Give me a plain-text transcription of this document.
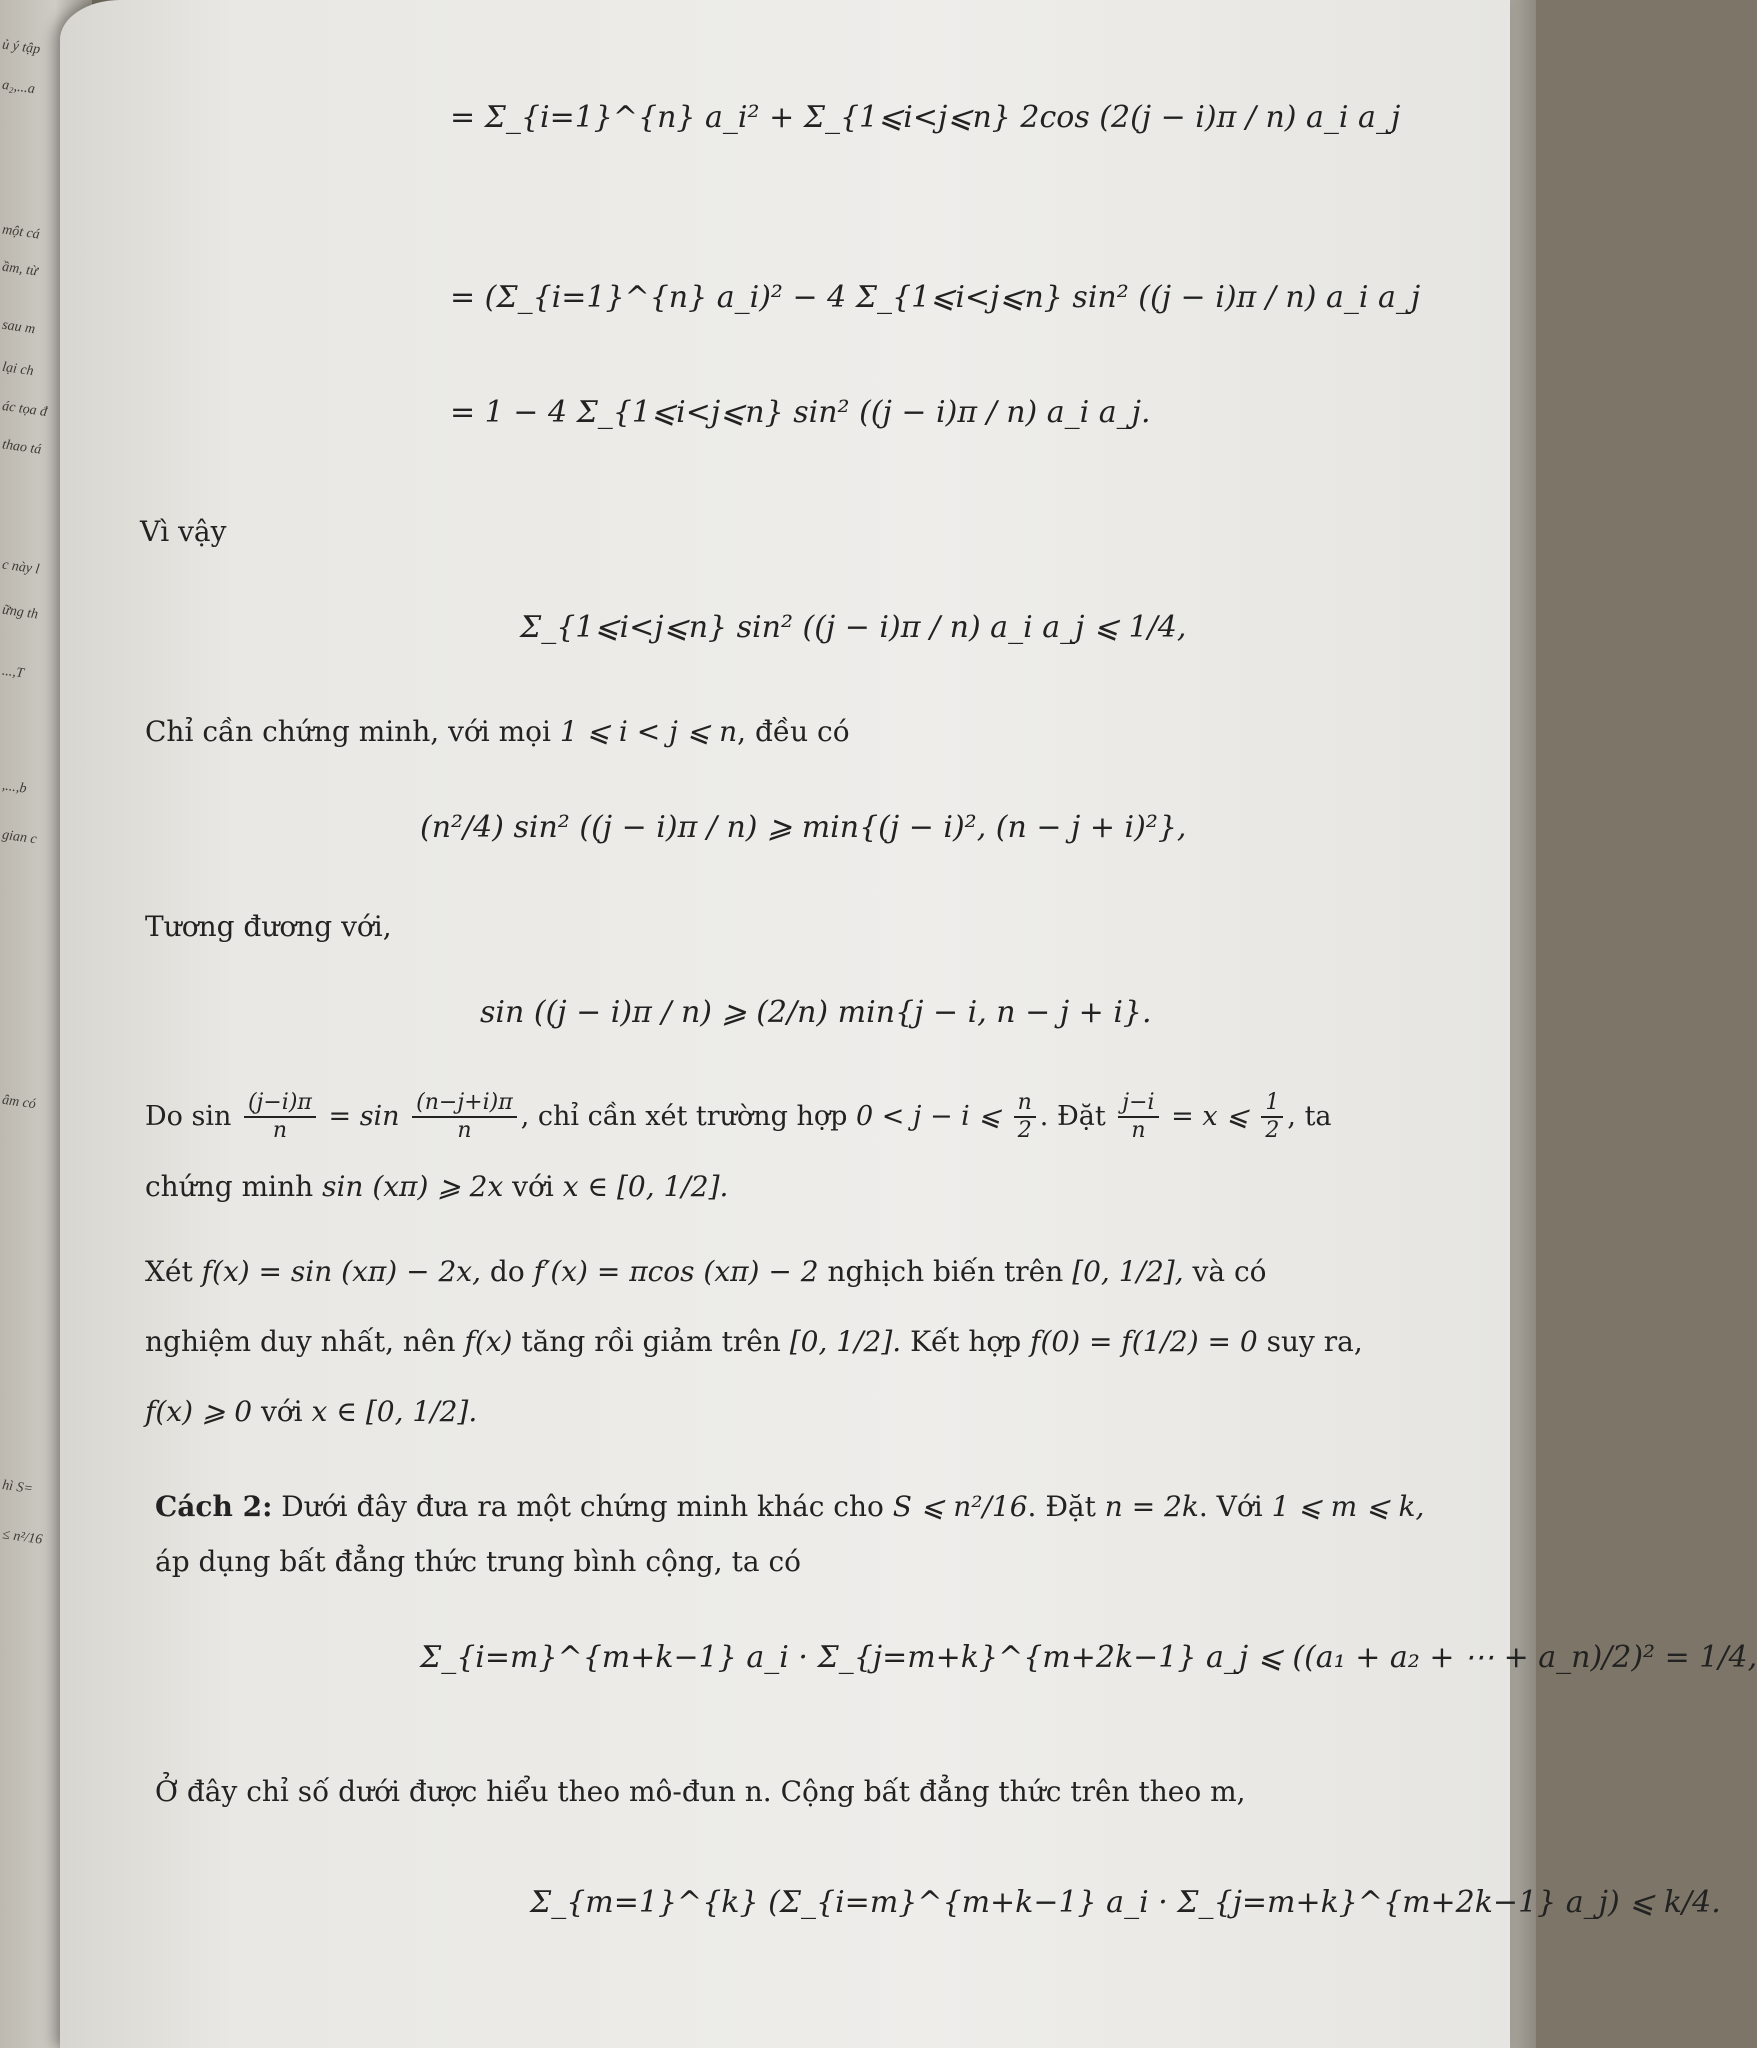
ủ ý tập
a₂,...a
một cá
ầm, từ
sau m
lại ch
ác tọa đ
thao tá
c này l
ững th
...,T
,...,b
gian c
âm có
hì S=
≤ n²/16
= Σ_{i=1}^{n} a_i² + Σ_{1⩽i<j⩽n} 2cos (2(j − i)π / n) a_i a_j
= (Σ_{i=1}^{n} a_i)² − 4 Σ_{1⩽i<j⩽n} sin² ((j − i)π / n) a_i a_j
= 1 − 4 Σ_{1⩽i<j⩽n} sin² ((j − i)π / n) a_i a_j.
Vì vậy
Σ_{1⩽i<j⩽n} sin² ((j − i)π / n) a_i a_j ⩽ 1/4,
Chỉ cần chứng minh, với mọi 1 ⩽ i < j ⩽ n, đều có
(n²/4) sin² ((j − i)π / n) ⩾ min{(j − i)², (n − j + i)²},
Tương đương với,
sin ((j − i)π / n) ⩾ (2/n) min{j − i, n − j + i}.
Do $\sin \frac{(j-i)\pi}{n} = \sin \frac{(n-j+i)\pi}{n}$ , chỉ cần xét trường hợp 0 < j − i ⩽ $\frac{n}{2}$ . Đặt $\frac{j-i}{n} = x$ ⩽ $\frac{1}{2}$ , ta
chứng minh sin (xπ) ⩾ 2x với x ∈ [0, 1/2].
Xét f(x) = sin (xπ) − 2x, do f′(x) = πcos (xπ) − 2 nghịch biến trên [0, 1/2], và có
nghiệm duy nhất, nên f(x) tăng rồi giảm trên [0, 1/2]. Kết hợp f(0) = f(1/2) = 0 suy ra,
f(x) ⩾ 0 với x ∈ [0, 1/2].
Cách 2: Dưới đây đưa ra một chứng minh khác cho S ⩽ n²/16. Đặt n = 2k. Với 1 ⩽ m ⩽ k,
áp dụng bất đẳng thức trung bình cộng, ta có
Σ_{i=m}^{m+k−1} a_i · Σ_{j=m+k}^{m+2k−1} a_j ⩽ ((a₁ + a₂ + ⋯ + a_n)/2)² = 1/4,
Ở đây chỉ số dưới được hiểu theo mô-đun n. Cộng bất đẳng thức trên theo m,
Σ_{m=1}^{k} (Σ_{i=m}^{m+k−1} a_i · Σ_{j=m+k}^{m+2k−1} a_j) ⩽ k/4.
